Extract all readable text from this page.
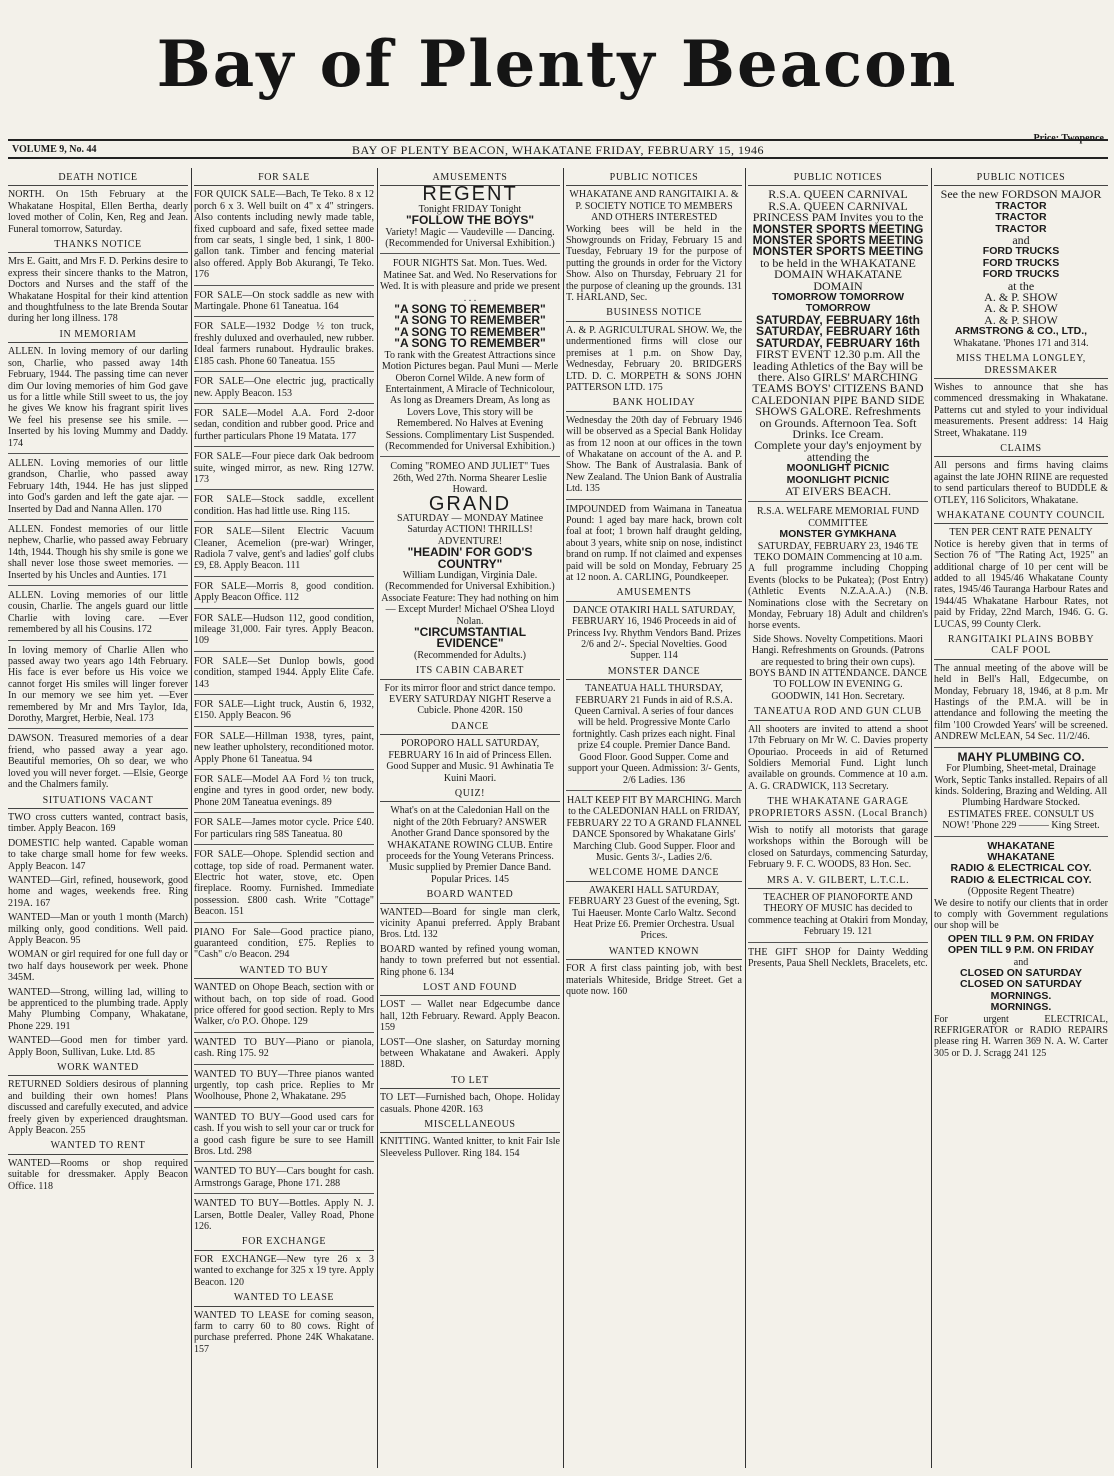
Bay of Plenty Beacon
Price: Twopence
VOLUME 9, No. 44	BAY OF PLENTY BEACON, WHAKATANE FRIDAY, FEBRUARY 15, 1946
DEATH NOTICE
NORTH. On 15th February at the Whakatane Hospital, Ellen Bertha, dearly loved mother of Colin, Ken, Reg and Jean. Funeral tomorrow, Saturday.
THANKS NOTICE
Mrs E. Gaitt, and Mrs F. D. Perkins desire to express their sincere thanks to the Matron, Doctors and Nurses and the staff of the Whakatane Hospital for their kind attention and thoughtfulness to the late Brenda Soutar during her long illness. 178
IN MEMORIAM
ALLEN. In loving memory of our darling son, Charlie, who passed away 14th February, 1944. The passing time can never dim Our loving memories of him God gave us for a little while Still sweet to us, the joy he gives We know his fragrant spirit lives We feel his presense see his smile. —Inserted by his loving Mummy and Daddy. 174
ALLEN. Loving memories of our little grandson, Charlie, who passed away February 14th, 1944. He has just slipped into God's garden and left the gate ajar. —Inserted by Dad and Nanna Allen. 170
ALLEN. Fondest memories of our little nephew, Charlie, who passed away February 14th, 1944. Though his shy smile is gone we shall never lose those sweet memories. —Inserted by his Uncles and Aunties. 171
ALLEN. Loving memories of our little cousin, Charlie. The angels guard our little Charlie with loving care. —Ever remembered by all his Cousins. 172
In loving memory of Charlie Allen who passed away two years ago 14th February. His face is ever before us His voice we cannot forget His smiles will linger forever In our memory we see him yet. —Ever remembered by Mr and Mrs Taylor, Ida, Dorothy, Margret, Herbie, Neal. 173
DAWSON. Treasured memories of a dear friend, who passed away a year ago. Beautiful memories, Oh so dear, we who loved you will never forget. —Elsie, George and the Chalmers family.
SITUATIONS VACANT
TWO cross cutters wanted, contract basis, timber. Apply Beacon. 169
DOMESTIC help wanted. Capable woman to take charge small home for few weeks. Apply Beacon. 147
WANTED—Girl, refined, housework, good home and wages, weekends free. Ring 219A. 167
WANTED—Man or youth 1 month (March) milking only, good conditions. Well paid. Apply Beacon. 95
WOMAN or girl required for one full day or two half days housework per week. Phone 345M.
WANTED—Strong, willing lad, willing to be apprenticed to the plumbing trade. Apply Mahy Plumbing Company, Whakatane, Phone 229. 191
WANTED—Good men for timber yard. Apply Boon, Sullivan, Luke. Ltd. 85
WORK WANTED
RETURNED Soldiers desirous of planning and building their own homes! Plans discussed and carefully executed, and advice freely given by experienced draughtsman. Apply Beacon. 255
WANTED TO RENT
WANTED—Rooms or shop required suitable for dressmaker. Apply Beacon Office. 118
FOR SALE
FOR QUICK SALE—Bach, Te Teko. 8 x 12 porch 6 x 3. Well built on 4" x 4" stringers. Also contents including newly made table, fixed cupboard and safe, fixed settee made from car seats, 1 single bed, 1 sink, 1 800-gallon tank. Timber and fencing material also offered. Apply Bob Akurangi, Te Teko. 176
FOR SALE—On stock saddle as new with Martingale. Phone 61 Taneatua. 164
FOR SALE—1932 Dodge ½ ton truck, freshly duluxed and overhauled, new rubber. Ideal farmers runabout. Hydraulic brakes. £185 cash. Phone 60 Taneatua. 155
FOR SALE—One electric jug, practically new. Apply Beacon. 153
FOR SALE—Model A.A. Ford 2-door sedan, condition and rubber good. Price and further particulars Phone 19 Matata. 177
FOR SALE—Four piece dark Oak bedroom suite, winged mirror, as new. Ring 127W. 173
FOR SALE—Stock saddle, excellent condition. Has had little use. Ring 115.
FOR SALE—Silent Electric Vacuum Cleaner, Acemelion (pre-war) Wringer, Radiola 7 valve, gent's and ladies' golf clubs £9, £8. Apply Beacon. 111
FOR SALE—Morris 8, good condition. Apply Beacon Office. 112
FOR SALE—Hudson 112, good condition, mileage 31,000. Fair tyres. Apply Beacon. 109
FOR SALE—Set Dunlop bowls, good condition, stamped 1944. Apply Elite Cafe. 143
FOR SALE—Light truck, Austin 6, 1932, £150. Apply Beacon. 96
FOR SALE—Hillman 1938, tyres, paint, new leather upholstery, reconditioned motor. Apply Phone 61 Taneatua. 94
FOR SALE—Model AA Ford ½ ton truck, engine and tyres in good order, new body. Phone 20M Taneatua evenings. 89
FOR SALE—James motor cycle. Price £40. For particulars ring 58S Taneatua. 80
FOR SALE—Ohope. Splendid section and cottage, top side of road. Permanent water. Electric hot water, stove, etc. Open fireplace. Roomy. Furnished. Immediate possession. £800 cash. Write "Cottage" Beacon. 151
PIANO For Sale—Good practice piano, guaranteed condition, £75. Replies to "Cash" c/o Beacon. 294
WANTED TO BUY
WANTED on Ohope Beach, section with or without bach, on top side of road. Good price offered for good section. Reply to Mrs Walker, c/o P.O. Ohope. 129
WANTED TO BUY—Piano or pianola, cash. Ring 175. 92
WANTED TO BUY—Three pianos wanted urgently, top cash price. Replies to Mr Woolhouse, Phone 2, Whakatane. 295
WANTED TO BUY—Good used cars for cash. If you wish to sell your car or truck for a good cash figure be sure to see Hamill Bros. Ltd. 298
WANTED TO BUY—Cars bought for cash. Armstrongs Garage, Phone 171. 288
WANTED TO BUY—Bottles. Apply N. J. Larsen, Bottle Dealer, Valley Road, Phone 126.
FOR EXCHANGE
FOR EXCHANGE—New tyre 26 x 3 wanted to exchange for 325 x 19 tyre. Apply Beacon. 120
WANTED TO LEASE
WANTED TO LEASE for coming season, farm to carry 60 to 80 cows. Right of purchase preferred. Phone 24K Whakatane. 157
AMUSEMENTS
REGENT
Tonight FRIDAY Tonight
"FOLLOW THE BOYS"
Variety! Magic — Vaudeville — Dancing. (Recommended for Universal Exhibition.)
FOUR NIGHTS Sat. Mon. Tues. Wed. Matinee Sat. and Wed. No Reservations for Wed. It is with pleasure and pride we present . . .
"A SONG TO REMEMBER"
"A SONG TO REMEMBER"
"A SONG TO REMEMBER"
"A SONG TO REMEMBER"
To rank with the Greatest Attractions since Motion Pictures began. Paul Muni — Merle Oberon Cornel Wilde. A new form of Entertainment, A Miracle of Technicolour, As long as Dreamers Dream, As long as Lovers Love, This story will be Remembered. No Halves at Evening Sessions. Complimentary List Suspended. (Recommended for Universal Exhibition.)
Coming "ROMEO AND JULIET" Tues 26th, Wed 27th. Norma Shearer Leslie Howard.
GRAND
SATURDAY — MONDAY Matinee Saturday ACTION! THRILLS! ADVENTURE!
"HEADIN' FOR GOD'S COUNTRY"
William Lundigan, Virginia Dale. (Recommended for Universal Exhibition.) Associate Feature: They had nothing on him— Except Murder! Michael O'Shea Lloyd Nolan.
"CIRCUMSTANTIAL EVIDENCE"
(Recommended for Adults.)
ITS CABIN CABARET
For its mirror floor and strict dance tempo. EVERY SATURDAY NIGHT Reserve a Cubicle. Phone 420R. 150
DANCE
POROPORO HALL SATURDAY, FEBRUARY 16 In aid of Princess Ellen. Good Supper and Music. 91 Awhinatia Te Kuini Maori.
QUIZ!
What's on at the Caledonian Hall on the night of the 20th February? ANSWER Another Grand Dance sponsored by the WHAKATANE ROWING CLUB. Entire proceeds for the Young Veterans Princess. Music supplied by Premier Dance Band. Popular Prices. 145
BOARD WANTED
WANTED—Board for single man clerk, vicinity Apanui preferred. Apply Brabant Bros. Ltd. 132
BOARD wanted by refined young woman, handy to town preferred but not essential. Ring phone 6. 134
LOST AND FOUND
LOST — Wallet near Edgecumbe dance hall, 12th February. Reward. Apply Beacon. 159
LOST—One slasher, on Saturday morning between Whakatane and Awakeri. Apply 188D.
TO LET
TO LET—Furnished bach, Ohope. Holiday casuals. Phone 420R. 163
MISCELLANEOUS
KNITTING. Wanted knitter, to knit Fair Isle Sleeveless Pullover. Ring 184. 154
PUBLIC NOTICES
WHAKATANE AND RANGITAIKI A. & P. SOCIETY NOTICE TO MEMBERS AND OTHERS INTERESTED
Working bees will be held in the Showgrounds on Friday, February 15 and Tuesday, February 19 for the purpose of putting the grounds in order for the Victory Show. Also on Thursday, February 21 for the purpose of cleaning up the grounds. 131 T. HARLAND, Sec.
BUSINESS NOTICE
A. & P. AGRICULTURAL SHOW. We, the undermentioned firms will close our premises at 1 p.m. on Show Day, Wednesday, February 20. BRIDGERS LTD. D. C. MORPETH & SONS JOHN PATTERSON LTD. 175
BANK HOLIDAY
Wednesday the 20th day of February 1946 will be observed as a Special Bank Holiday as from 12 noon at our offices in the town of Whakatane on account of the A. and P. Show. The Bank of Australasia. Bank of New Zealand. The Union Bank of Australia Ltd. 135
IMPOUNDED from Waimana in Taneatua Pound: 1 aged bay mare hack, brown colt foal at foot; 1 brown half draught gelding, about 3 years, white snip on nose, indistinct brand on rump. If not claimed and expenses paid will be sold on Monday, February 25 at 12 noon. A. CARLING, Poundkeeper.
AMUSEMENTS
DANCE OTAKIRI HALL SATURDAY, FEBRUARY 16, 1946 Proceeds in aid of Princess Ivy. Rhythm Vendors Band. Prizes 2/6 and 2/-. Special Novelties. Good Supper. 114
MONSTER DANCE
TANEATUA HALL THURSDAY, FEBRUARY 21 Funds in aid of R.S.A. Queen Carnival. A series of four dances will be held. Progressive Monte Carlo fortnightly. Cash prizes each night. Final prize £4 couple. Premier Dance Band. Good Floor. Good Supper. Come and support your Queen. Admission: 3/- Gents, 2/6 Ladies. 136
HALT KEEP FIT BY MARCHING. March to the CALEDONIAN HALL on FRIDAY, FEBRUARY 22 TO A GRAND FLANNEL DANCE Sponsored by Whakatane Girls' Marching Club. Good Supper. Floor and Music. Gents 3/-, Ladies 2/6.
WELCOME HOME DANCE
AWAKERI HALL SATURDAY, FEBRUARY 23 Guest of the evening, Sgt. Tui Haeuser. Monte Carlo Waltz. Second Heat Prize £6. Premier Orchestra. Usual Prices.
WANTED KNOWN
FOR A first class painting job, with best materials Whiteside, Bridge Street. Get a quote now. 160
PUBLIC NOTICES
R.S.A. QUEEN CARNIVAL
R.S.A. QUEEN CARNIVAL
PRINCESS PAM Invites you to the
MONSTER SPORTS MEETING
MONSTER SPORTS MEETING
MONSTER SPORTS MEETING
to be held in the WHAKATANE DOMAIN WHAKATANE DOMAIN
TOMORROW TOMORROW TOMORROW
SATURDAY, FEBRUARY 16th
SATURDAY, FEBRUARY 16th
SATURDAY, FEBRUARY 16th
FIRST EVENT 12.30 p.m. All the leading Athletics of the Bay will be there. Also GIRLS' MARCHING TEAMS BOYS' CITIZENS BAND CALEDONIAN PIPE BAND SIDE SHOWS GALORE. Refreshments on Grounds. Afternoon Tea. Soft Drinks. Ice Cream.
Complete your day's enjoyment by attending the
MOONLIGHT PICNIC
MOONLIGHT PICNIC
AT EIVERS BEACH.
R.S.A. WELFARE MEMORIAL FUND COMMITTEE
MONSTER GYMKHANA
SATURDAY, FEBRUARY 23, 1946 TE TEKO DOMAIN Commencing at 10 a.m.
A full programme including Chopping Events (blocks to be Pukatea); (Post Entry) (Athletic Events N.Z.A.A.A.) (N.B. Nominations close with the Secretary on Monday, February 18) Adult and children's horse events.
Side Shows. Novelty Competitions. Maori Hangi. Refreshments on Grounds. (Patrons are requested to bring their own cups).
BOYS BAND IN ATTENDANCE. DANCE TO FOLLOW IN EVENING G. GOODWIN, 141 Hon. Secretary.
TANEATUA ROD AND GUN CLUB
All shooters are invited to attend a shoot 17th February on Mr W. C. Davies property Opouriao. Proceeds in aid of Returned Soldiers Memorial Fund. Light lunch available on grounds. Commence at 10 a.m. A. G. CRADWICK, 113 Secretary.
THE WHAKATANE GARAGE PROPRIETORS ASSN. (Local Branch)
Wish to notify all motorists that garage workshops within the Borough will be closed on Saturdays, commencing Saturday, February 9. F. C. WOODS, 83 Hon. Sec.
MRS A. V. GILBERT, L.T.C.L.
TEACHER OF PIANOFORTE AND THEORY OF MUSIC has decided to commence teaching at Otakiri from Monday, February 19. 121
THE GIFT SHOP for Dainty Wedding Presents, Paua Shell Necklets, Bracelets, etc.
PUBLIC NOTICES
See the new FORDSON MAJOR
TRACTOR
TRACTOR
TRACTOR
and
FORD TRUCKS
FORD TRUCKS
FORD TRUCKS
at the
A. & P. SHOW
A. & P. SHOW
A. & P. SHOW
ARMSTRONG & CO., LTD.,
Whakatane. 'Phones 171 and 314.
MISS THELMA LONGLEY, DRESSMAKER
Wishes to announce that she has commenced dressmaking in Whakatane. Patterns cut and styled to your individual measurements. Present address: 14 Haig Street, Whakatane. 119
CLAIMS
All persons and firms having claims against the late JOHN RIINE are requested to send particulars thereof to BUDDLE & OTLEY, 116 Solicitors, Whakatane.
WHAKATANE COUNTY COUNCIL
TEN PER CENT RATE PENALTY
Notice is hereby given that in terms of Section 76 of "The Rating Act, 1925" an additional charge of 10 per cent will be added to all 1945/46 Whakatane County rates, 1945/46 Tauranga Harbour Rates and 1944/45 Whakatane Harbour Rates, not paid by Friday, 22nd March, 1946. G. G. LUCAS, 99 County Clerk.
RANGITAIKI PLAINS BOBBY CALF POOL
The annual meeting of the above will be held in Bell's Hall, Edgecumbe, on Monday, February 18, 1946, at 8 p.m. Mr Hastings of the P.M.A. will be in attendance and following the meeting the film '100 Crowded Years' will be screened. ANDREW McLEAN, 54 Sec. 11/2/46.
MAHY PLUMBING CO.
For Plumbing, Sheet-metal, Drainage Work, Septic Tanks installed. Repairs of all kinds. Soldering, Brazing and Welding. All Plumbing Hardware Stocked.
ESTIMATES FREE. CONSULT US NOW! 'Phone 229 ——— King Street.
WHAKATANE
WHAKATANE
RADIO & ELECTRICAL COY.
RADIO & ELECTRICAL COY.
(Opposite Regent Theatre)
We desire to notify our clients that in order to comply with Government regulations our shop will be
OPEN TILL 9 P.M. ON FRIDAY
OPEN TILL 9 P.M. ON FRIDAY
and
CLOSED ON SATURDAY
CLOSED ON SATURDAY
MORNINGS.
MORNINGS.
For urgent ELECTRICAL, REFRIGERATOR or RADIO REPAIRS please ring H. Warren 369 N. A. W. Carter 305 or D. J. Scragg 241 125
